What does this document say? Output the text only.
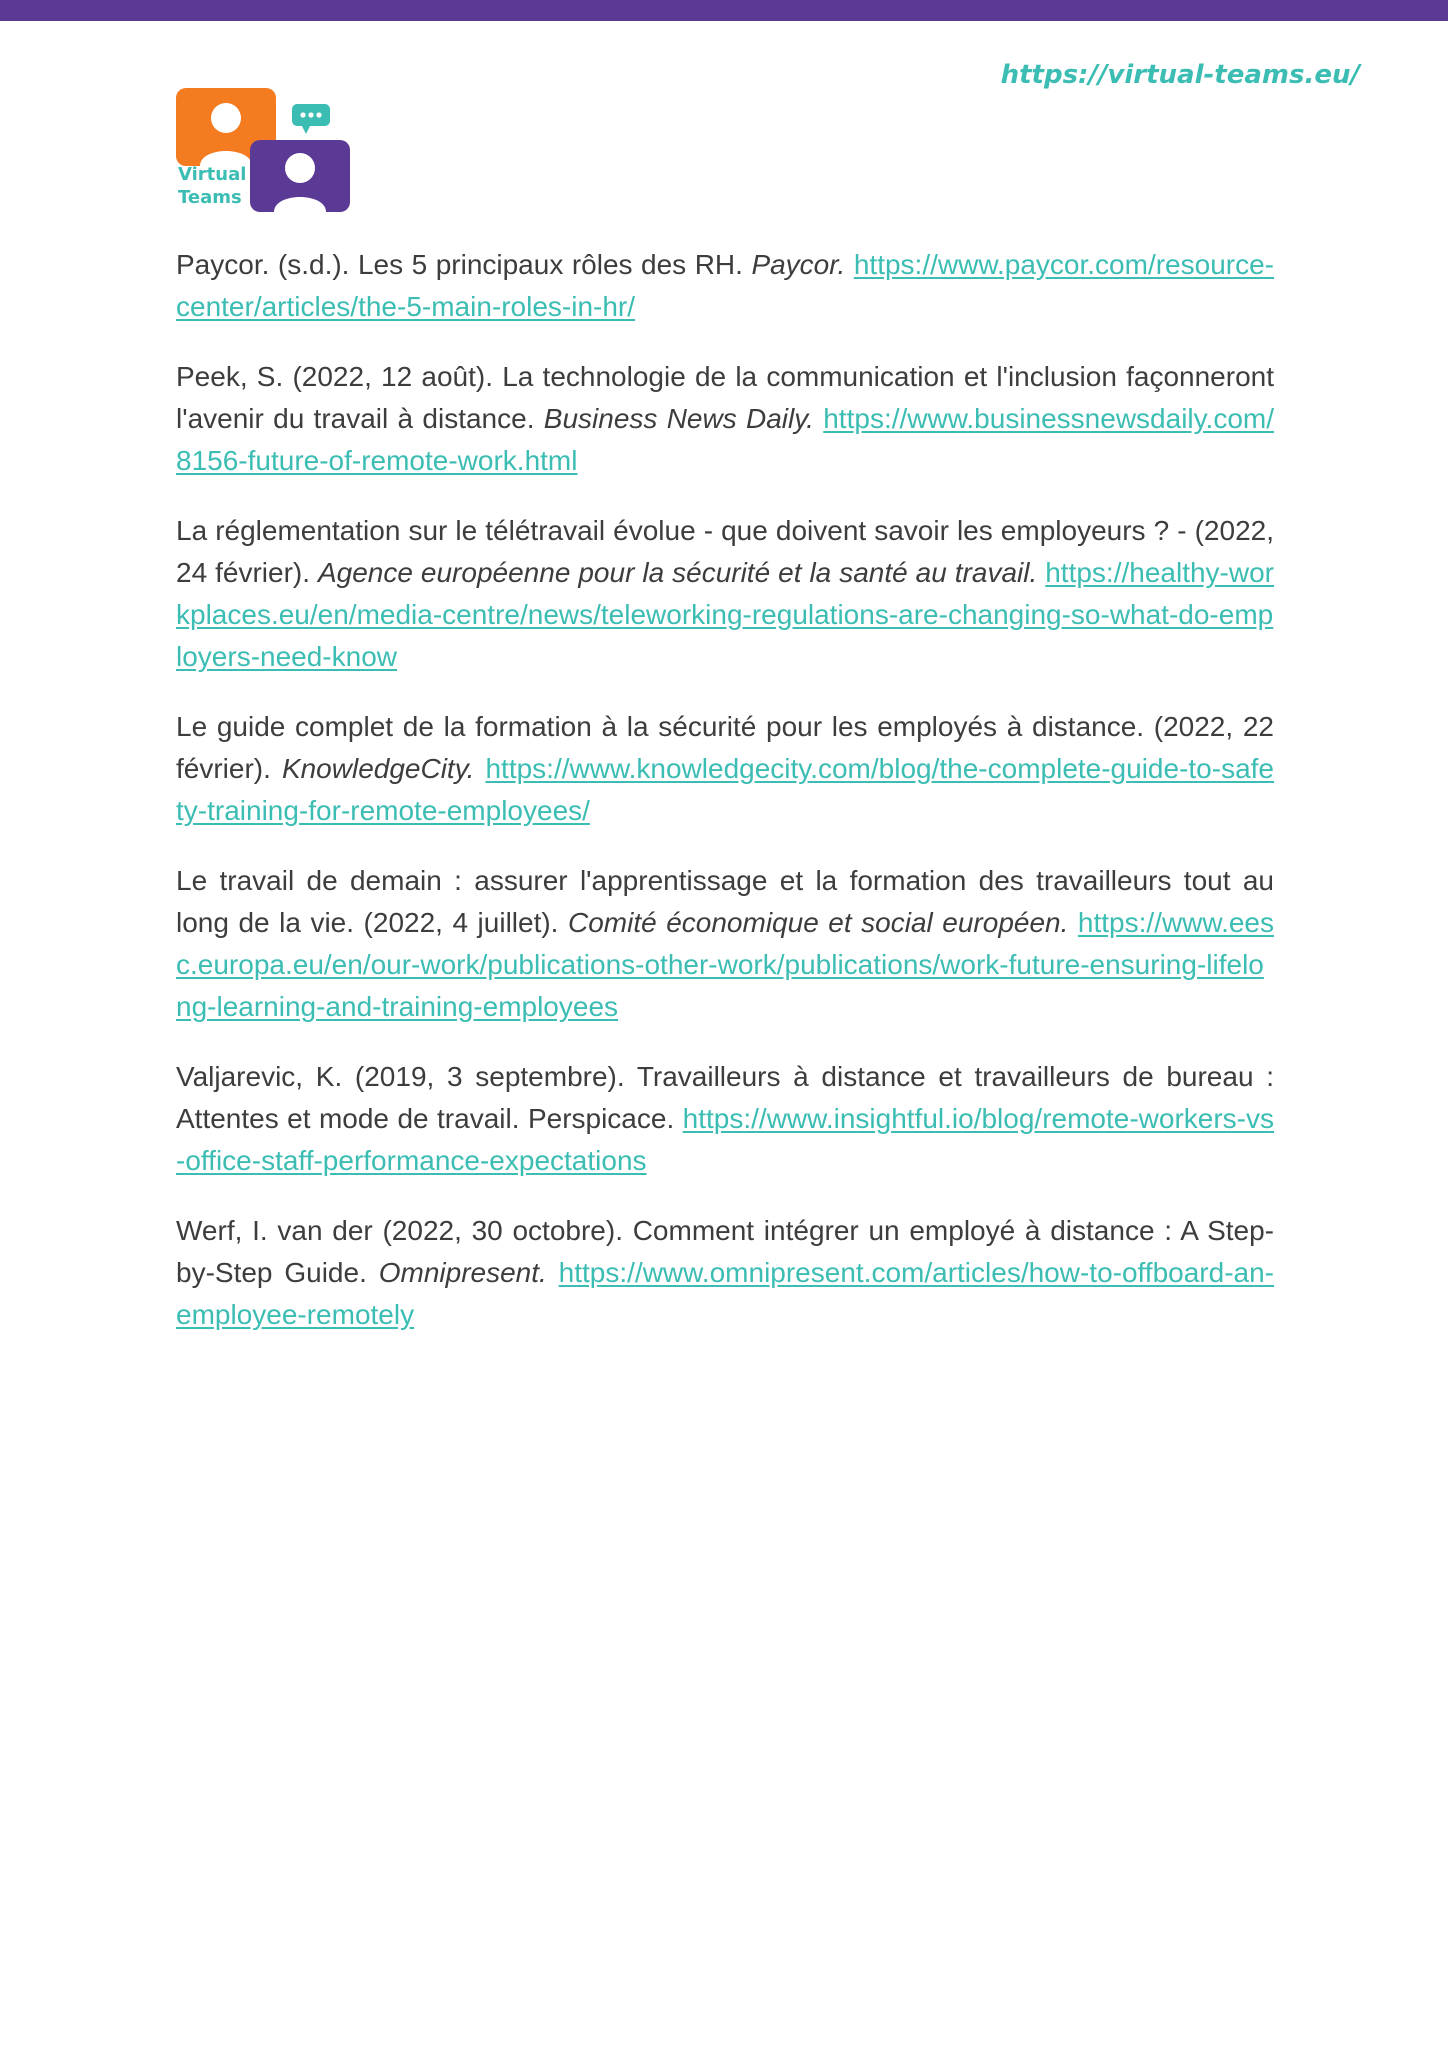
https://virtual-teams.eu/
Virtual
Teams

Paycor. (s.d.). Les 5 principaux rôles des RH. Paycor. https://www.paycor.com/resource-center/articles/the-5-main-roles-in-hr/

Peek, S. (2022, 12 août). La technologie de la communication et l'inclusion façonneront l'avenir du travail à distance. Business News Daily. https://www.businessnewsdaily.com/8156-future-of-remote-work.html

La réglementation sur le télétravail évolue - que doivent savoir les employeurs ? - (2022, 24 février). Agence européenne pour la sécurité et la santé au travail. https://healthy-workplaces.eu/en/media-centre/news/teleworking-regulations-are-changing-so-what-do-employers-need-know

Le guide complet de la formation à la sécurité pour les employés à distance. (2022, 22 février). KnowledgeCity. https://www.knowledgecity.com/blog/the-complete-guide-to-safety-training-for-remote-employees/

Le travail de demain : assurer l'apprentissage et la formation des travailleurs tout au long de la vie. (2022, 4 juillet). Comité économique et social européen. https://www.eesc.europa.eu/en/our-work/publications-other-work/publications/work-future-ensuring-lifelong-learning-and-training-employees

Valjarevic, K. (2019, 3 septembre). Travailleurs à distance et travailleurs de bureau : Attentes et mode de travail. Perspicace. https://www.insightful.io/blog/remote-workers-vs-office-staff-performance-expectations

Werf, I. van der (2022, 30 octobre). Comment intégrer un employé à distance : A Step-by-Step Guide. Omnipresent. https://www.omnipresent.com/articles/how-to-offboard-an-employee-remotely
